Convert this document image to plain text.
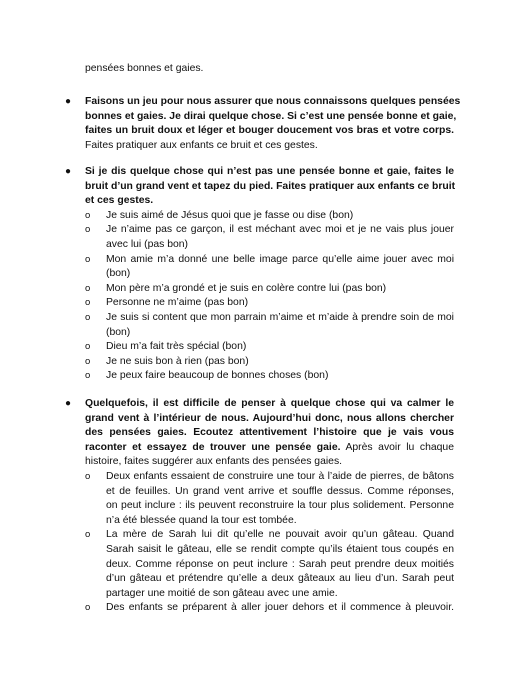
pensées bonnes et gaies.
● Faisons un jeu pour nous assurer que nous connaissons quelques pensées
bonnes et gaies. Je dirai quelque chose. Si c’est une pensée bonne et gaie,
faites un bruit doux et léger et bouger doucement vos bras et votre corps.
Faites pratiquer aux enfants ce bruit et ces gestes.
● Si je dis quelque chose qui n’est pas une pensée bonne et gaie, faites le
bruit d’un grand vent et tapez du pied. Faites pratiquer aux enfants ce bruit
et ces gestes.
o Je suis aimé de Jésus quoi que je fasse ou dise (bon)
o Je n’aime pas ce garçon, il est méchant avec moi et je ne vais plus jouer
avec lui (pas bon)
o Mon amie m’a donné une belle image parce qu’elle aime jouer avec moi
(bon)
o Mon père m’a grondé et je suis en colère contre lui (pas bon)
o Personne ne m’aime (pas bon)
o Je suis si content que mon parrain m’aime et m’aide à prendre soin de moi
(bon)
o Dieu m’a fait très spécial (bon)
o Je ne suis bon à rien (pas bon)
o Je peux faire beaucoup de bonnes choses (bon)
● Quelquefois, il est difficile de penser à quelque chose qui va calmer le
grand vent à l’intérieur de nous. Aujourd’hui donc, nous allons chercher
des pensées gaies. Ecoutez attentivement l’histoire que je vais vous
raconter et essayez de trouver une pensée gaie. Après avoir lu chaque
histoire, faites suggérer aux enfants des pensées gaies.
o Deux enfants essaient de construire une tour à l’aide de pierres, de bâtons
et de feuilles. Un grand vent arrive et souffle dessus. Comme réponses,
on peut inclure : ils peuvent reconstruire la tour plus solidement. Personne
n’a été blessée quand la tour est tombée.
o La mère de Sarah lui dit qu’elle ne pouvait avoir qu’un gâteau. Quand
Sarah saisit le gâteau, elle se rendit compte qu’ils étaient tous coupés en
deux. Comme réponse on peut inclure : Sarah peut prendre deux moitiés
d’un gâteau et prétendre qu’elle a deux gâteaux au lieu d’un. Sarah peut
partager une moitié de son gâteau avec une amie.
o Des enfants se préparent à aller jouer dehors et il commence à pleuvoir.
